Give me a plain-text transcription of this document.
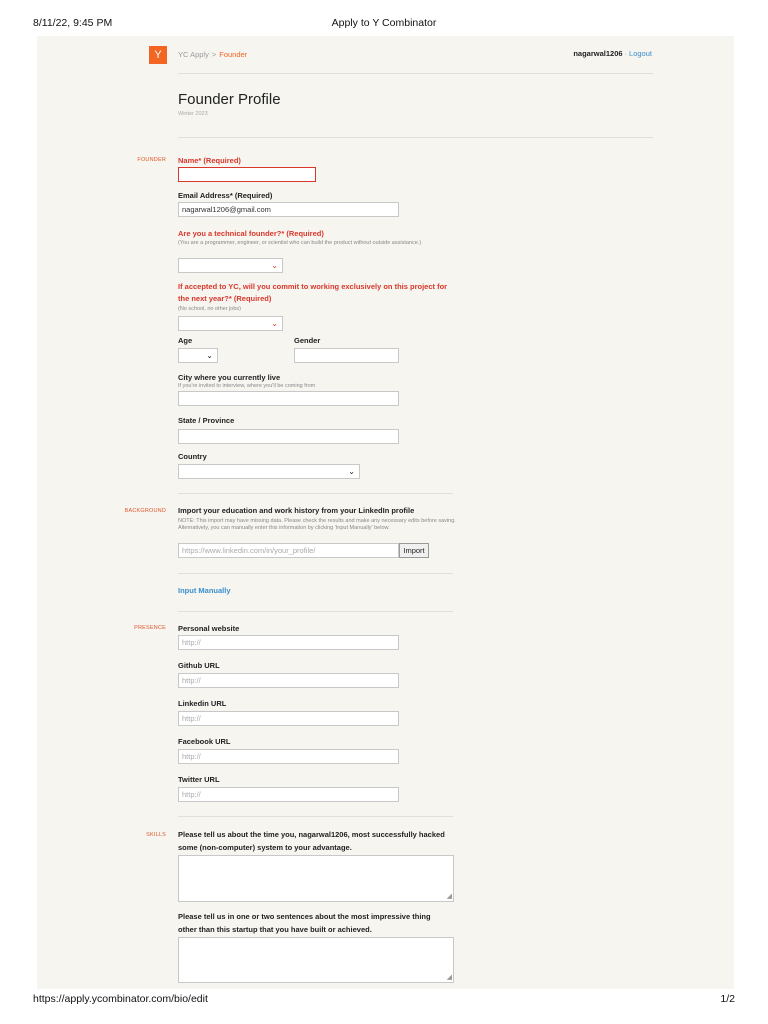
8/11/22, 9:45 PM	Apply to Y Combinator
https://apply.ycombinator.com/bio/edit	1/2
Y	YC Apply > Founder	nagarwal1206 · Logout
Founder Profile
Winter 2023
FOUNDER Name* (Required)
Email Address* (Required)
nagarwal1206@gmail.com
Are you a technical founder?* (Required)
(You are a programmer, engineer, or scientist who can build the product without outside assistance.)
⌄
If accepted to YC, will you commit to working exclusively on this project for
the next year?* (Required)
(No school, no other jobs)
⌄
Age
⌄
Gender
City where you currently live
If you're invited to interview, where you'll be coming from
State / Province
Country
⌄
BACKGROUND Import your education and work history from your LinkedIn profile
NOTE: This import may have missing data. Please check the results and make any necessary edits before saving. Alternatively, you can manually enter this information by clicking 'Input Manually' below.
https://www.linkedin.com/in/your_profile/	Import
Input Manually
PRESENCE Personal website
http://
Github URL
http://
Linkedin URL
http://
Facebook URL
http://
Twitter URL
http://
SKILLS Please tell us about the time you, nagarwal1206, most successfully hacked
some (non-computer) system to your advantage.
◢
Please tell us in one or two sentences about the most impressive thing
other than this startup that you have built or achieved.
◢
